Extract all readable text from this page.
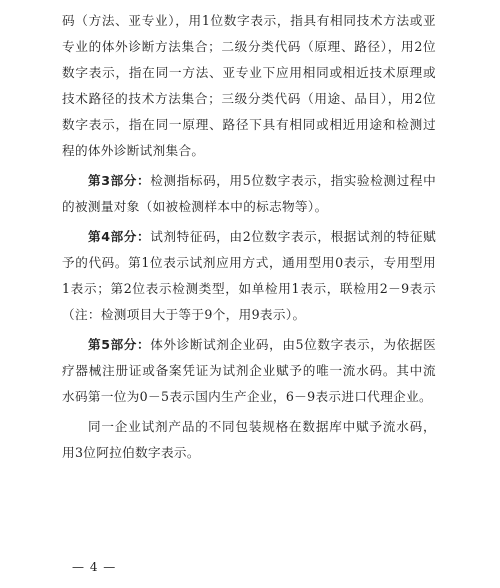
码（方法、亚专业），用1位数字表示，指具有相同技术方法或亚专业的体外诊断方法集合；二级分类代码（原理、路径），用2位数字表示，指在同一方法、亚专业下应用相同或相近技术原理或技术路径的技术方法集合；三级分类代码（用途、品目），用2位数字表示，指在同一原理、路径下具有相同或相近用途和检测过程的体外诊断试剂集合。

第3部分：检测指标码，用5位数字表示，指实验检测过程中的被测量对象（如被检测样本中的标志物等）。

第4部分：试剂特征码，由2位数字表示，根据试剂的特征赋予的代码。第1位表示试剂应用方式，通用型用0表示，专用型用1表示；第2位表示检测类型，如单检用1表示，联检用2－9表示（注：检测项目大于等于9个，用9表示）。

第5部分：体外诊断试剂企业码，由5位数字表示，为依据医疗器械注册证或备案凭证为试剂企业赋予的唯一流水码。其中流水码第一位为0－5表示国内生产企业，6－9表示进口代理企业。

同一企业试剂产品的不同包装规格在数据库中赋予流水码，用3位阿拉伯数字表示。

— 4 —
